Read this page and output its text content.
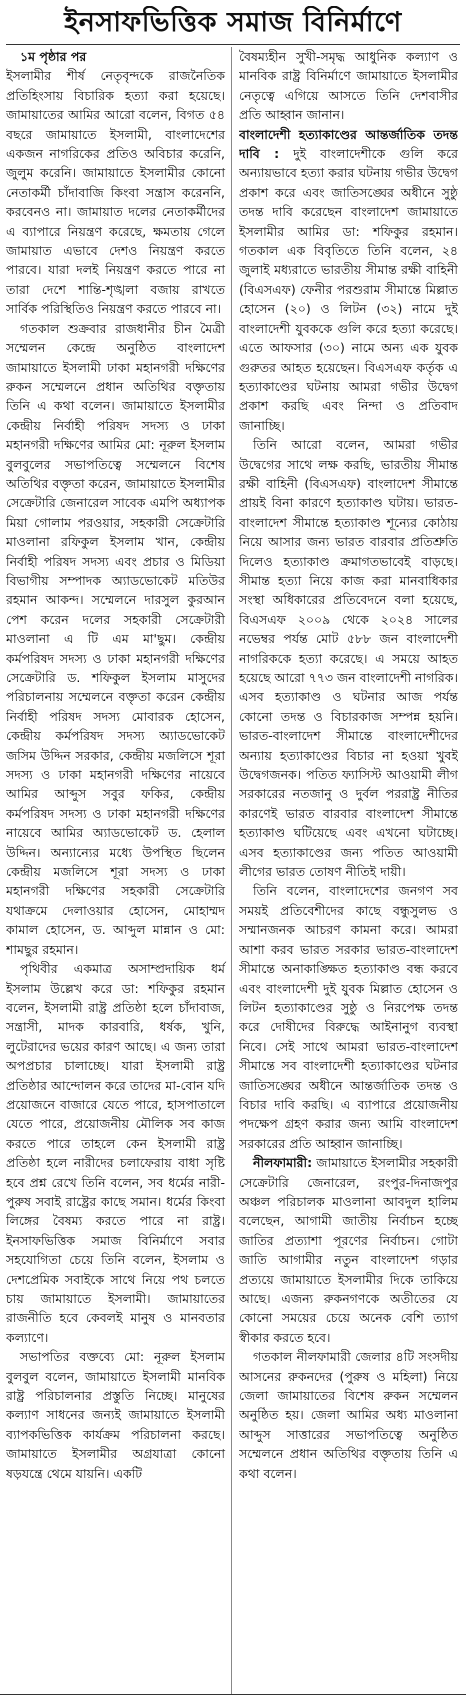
ইনসাফভিত্তিক সমাজ বিনির্মাণে

১ম পৃষ্ঠার পর

ইসলামীর শীর্ষ নেতৃবৃন্দকে রাজনৈতিক প্রতিহিংসায় বিচারিক হত্যা করা হয়েছে। জামায়াতের আমির আরো বলেন, বিগত ৫৪ বছরে জামায়াতে ইসলামী, বাংলাদেশের একজন নাগরিকের প্রতিও অবিচার করেনি, জুলুম করেনি। জামায়াতে ইসলামীর কোনো নেতাকর্মী চাঁদাবাজি কিংবা সন্ত্রাস করেননি, করবেনও না। জামায়াত দলের নেতাকর্মীদের এ ব্যাপারে নিয়ন্ত্রণ করেছে, ক্ষমতায় গেলে জামায়াত এভাবে দেশও নিয়ন্ত্রণ করতে পারবে। যারা দলই নিয়ন্ত্রণ করতে পারে না তারা দেশে শান্তি-শৃঙ্খলা বজায় রাখতে সার্বিক পরিস্থিতিও নিয়ন্ত্রণ করতে পারবে না।

গতকাল শুক্রবার রাজধানীর চীন মৈত্রী সম্মেলন কেন্দ্রে অনুষ্ঠিত বাংলাদেশ জামায়াতে ইসলামী ঢাকা মহানগরী দক্ষিণের রুকন সম্মেলনে প্রধান অতিথির বক্তৃতায় তিনি এ কথা বলেন। জামায়াতে ইসলামীর কেন্দ্রীয় নির্বাহী পরিষদ সদস্য ও ঢাকা মহানগরী দক্ষিণের আমির মো: নূরুল ইসলাম বুলবুলের সভাপতিত্বে সম্মেলনে বিশেষ অতিথির বক্তৃতা করেন, জামায়াতে ইসলামীর সেক্রেটারি জেনারেল সাবেক এমপি অধ্যাপক মিয়া গোলাম পরওয়ার, সহকারী সেক্রেটারি মাওলানা রফিকুল ইসলাম খান, কেন্দ্রীয় নির্বাহী পরিষদ সদস্য এবং প্রচার ও মিডিয়া বিভাগীয় সম্পাদক অ্যাডভোকেট মতিউর রহমান আকন্দ। সম্মেলনে দারসুল কুরআন পেশ করেন দলের সহকারী সেক্রেটারী মাওলানা এ টি এম মা'ছুম। কেন্দ্রীয় কর্মপরিষদ সদস্য ও ঢাকা মহানগরী দক্ষিণের সেক্রেটারি ড. শফিকুল ইসলাম মাসুদের পরিচালনায় সম্মেলনে বক্তৃতা করেন কেন্দ্রীয় নির্বাহী পরিষদ সদস্য মোবারক হোসেন, কেন্দ্রীয় কর্মপরিষদ সদস্য অ্যাডভোকেট জসিম উদ্দিন সরকার, কেন্দ্রীয় মজলিসে শূরা সদস্য ও ঢাকা মহানগরী দক্ষিণের নায়েবে আমির আব্দুস সবুর ফকির, কেন্দ্রীয় কর্মপরিষদ সদস্য ও ঢাকা মহানগরী দক্ষিণের নায়েবে আমির অ্যাডভোকেট ড. হেলাল উদ্দিন। অন্যান্যের মধ্যে উপস্থিত ছিলেন কেন্দ্রীয় মজলিসে শূরা সদস্য ও ঢাকা মহানগরী দক্ষিণের সহকারী সেক্রেটারি যথাক্রমে দেলাওয়ার হোসেন, মোহাম্মদ কামাল হোসেন, ড. আব্দুল মান্নান ও মো: শামছুর রহমান।

পৃথিবীর একমাত্র অসাম্প্রদায়িক ধর্ম ইসলাম উল্লেখ করে ডা: শফিকুর রহমান বলেন, ইসলামী রাষ্ট্র প্রতিষ্ঠা হলে চাঁদাবাজ, সন্ত্রাসী, মাদক কারবারি, ধর্ষক, খুনি, লুটেরাদের ভয়ের কারণ আছে। এ জন্য তারা অপপ্রচার চালাচ্ছে। যারা ইসলামী রাষ্ট্র প্রতিষ্ঠার আন্দোলন করে তাদের মা-বোন যদি প্রয়োজনে বাজারে যেতে পারে, হাসপাতালে যেতে পারে, প্রয়োজনীয় মৌলিক সব কাজ করতে পারে তাহলে কেন ইসলামী রাষ্ট্র প্রতিষ্ঠা হলে নারীদের চলাফেরায় বাধা সৃষ্টি হবে প্রশ্ন রেখে তিনি বলেন, সব ধর্মের নারী-পুরুষ সবাই রাষ্ট্রের কাছে সমান। ধর্মের কিংবা লিঙ্গের বৈষম্য করতে পারে না রাষ্ট্র। ইনসাফভিত্তিক সমাজ বিনির্মাণে সবার সহযোগিতা চেয়ে তিনি বলেন, ইসলাম ও দেশপ্রেমিক সবাইকে সাথে নিয়ে পথ চলতে চায় জামায়াতে ইসলামী। জামায়াতের রাজনীতি হবে কেবলই মানুষ ও মানবতার কল্যাণে।

সভাপতির বক্তব্যে মো: নূরুল ইসলাম বুলবুল বলেন, জামায়াতে ইসলামী মানবিক রাষ্ট্র পরিচালনার প্রস্তুতি নিচ্ছে। মানুষের কল্যাণ সাধনের জন্যই জামায়াতে ইসলামী ব্যাপকভিত্তিক কার্যক্রম পরিচালনা করছে। জামায়াতে ইসলামীর অগ্রযাত্রা কোনো ষড়যন্ত্রে থেমে যায়নি। একটি

বৈষম্যহীন সুখী-সমৃদ্ধ আধুনিক কল্যাণ ও মানবিক রাষ্ট্র বিনির্মাণে জামায়াতে ইসলামীর নেতৃত্বে এগিয়ে আসতে তিনি দেশবাসীর প্রতি আহ্বান জানান।

বাংলাদেশী হত্যাকাণ্ডের আন্তর্জাতিক তদন্ত দাবি : দুই বাংলাদেশীকে গুলি করে অন্যায়ভাবে হত্যা করার ঘটনায় গভীর উদ্বেগ প্রকাশ করে এবং জাতিসঙ্ঘের অধীনে সুষ্ঠু তদন্ত দাবি করেছেন বাংলাদেশ জামায়াতে ইসলামীর আমির ডা: শফিকুর রহমান। গতকাল এক বিবৃতিতে তিনি বলেন, ২৪ জুলাই মধ্যরাতে ভারতীয় সীমান্ত রক্ষী বাহিনী (বিএসএফ) ফেনীর পরশুরাম সীমান্তে মিল্লাত হোসেন (২০) ও লিটন (৩২) নামে দুই বাংলাদেশী যুবককে গুলি করে হত্যা করেছে। এতে আফসার (৩০) নামে অন্য এক যুবক গুরুতর আহত হয়েছেন। বিএসএফ কর্তৃক এ হত্যাকাণ্ডের ঘটনায় আমরা গভীর উদ্বেগ প্রকাশ করছি এবং নিন্দা ও প্রতিবাদ জানাচ্ছি।

তিনি আরো বলেন, আমরা গভীর উদ্বেগের সাথে লক্ষ করছি, ভারতীয় সীমান্ত রক্ষী বাহিনী (বিএসএফ) বাংলাদেশ সীমান্তে প্রায়ই বিনা কারণে হত্যাকাণ্ড ঘটায়। ভারত-বাংলাদেশ সীমান্তে হত্যাকাণ্ড শূন্যের কোঠায় নিয়ে আসার জন্য ভারত বারবার প্রতিশ্রুতি দিলেও হত্যাকাণ্ড ক্রমাগতভাবেই বাড়ছে। সীমান্ত হত্যা নিয়ে কাজ করা মানবাধিকার সংস্থা অধিকারের প্রতিবেদনে বলা হয়েছে, বিএসএফ ২০০৯ থেকে ২০২৪ সালের নভেম্বর পর্যন্ত মোট ৫৮৮ জন বাংলাদেশী নাগরিককে হত্যা করেছে। এ সময়ে আহত হয়েছে আরো ৭৭৩ জন বাংলাদেশী নাগরিক। এসব হত্যাকাণ্ড ও ঘটনার আজ পর্যন্ত কোনো তদন্ত ও বিচারকাজ সম্পন্ন হয়নি। ভারত-বাংলাদেশ সীমান্তে বাংলাদেশীদের অন্যায় হত্যাকাণ্ডের বিচার না হওয়া খুবই উদ্বেগজনক। পতিত ফ্যাসিস্ট আওয়ামী লীগ সরকারের নতজানু ও দুর্বল পররাষ্ট্র নীতির কারণেই ভারত বারবার বাংলাদেশ সীমান্তে হত্যাকাণ্ড ঘটিয়েছে এবং এখনো ঘটাচ্ছে। এসব হত্যাকাণ্ডের জন্য পতিত আওয়ামী লীগের ভারত তোষণ নীতিই দায়ী।

তিনি বলেন, বাংলাদেশের জনগণ সব সময়ই প্রতিবেশীদের কাছে বন্ধুসুলভ ও সম্মানজনক আচরণ কামনা করে। আমরা আশা করব ভারত সরকার ভারত-বাংলাদেশ সীমান্তে অনাকাঙ্ক্ষিত হত্যাকাণ্ড বন্ধ করবে এবং বাংলাদেশী দুই যুবক মিল্লাত হোসেন ও লিটন হত্যাকাণ্ডের সুষ্ঠু ও নিরপেক্ষ তদন্ত করে দোষীদের বিরুদ্ধে আইনানুগ ব্যবস্থা নিবে। সেই সাথে আমরা ভারত-বাংলাদেশ সীমান্তে সব বাংলাদেশী হত্যাকাণ্ডের ঘটনার জাতিসঙ্ঘের অধীনে আন্তর্জাতিক তদন্ত ও বিচার দাবি করছি। এ ব্যাপারে প্রয়োজনীয় পদক্ষেপ গ্রহণ করার জন্য আমি বাংলাদেশ সরকারের প্রতি আহ্বান জানাচ্ছি।

নীলফামারী: জামায়াতে ইসলামীর সহকারী সেক্রেটারি জেনারেল, রংপুর-দিনাজপুর অঞ্চল পরিচালক মাওলানা আবদুল হালিম বলেছেন, আগামী জাতীয় নির্বাচন হচ্ছে জাতির প্রত্যাশা পূরণের নির্বাচন। গোটা জাতি আগামীর নতুন বাংলাদেশ গড়ার প্রত্যয়ে জামায়াতে ইসলামীর দিকে তাকিয়ে আছে। এজন্য রুকনগণকে অতীতের যে কোনো সময়ের চেয়ে অনেক বেশি ত্যাগ স্বীকার করতে হবে।

গতকাল নীলফামারী জেলার ৪টি সংসদীয় আসনের রুকনদের (পুরুষ ও মহিলা) নিয়ে জেলা জামায়াতের বিশেষ রুকন সম্মেলন অনুষ্ঠিত হয়। জেলা আমির অধ্য মাওলানা আব্দুস সাত্তারের সভাপতিত্বে অনুষ্ঠিত সম্মেলনে প্রধান অতিথির বক্তৃতায় তিনি এ কথা বলেন।
